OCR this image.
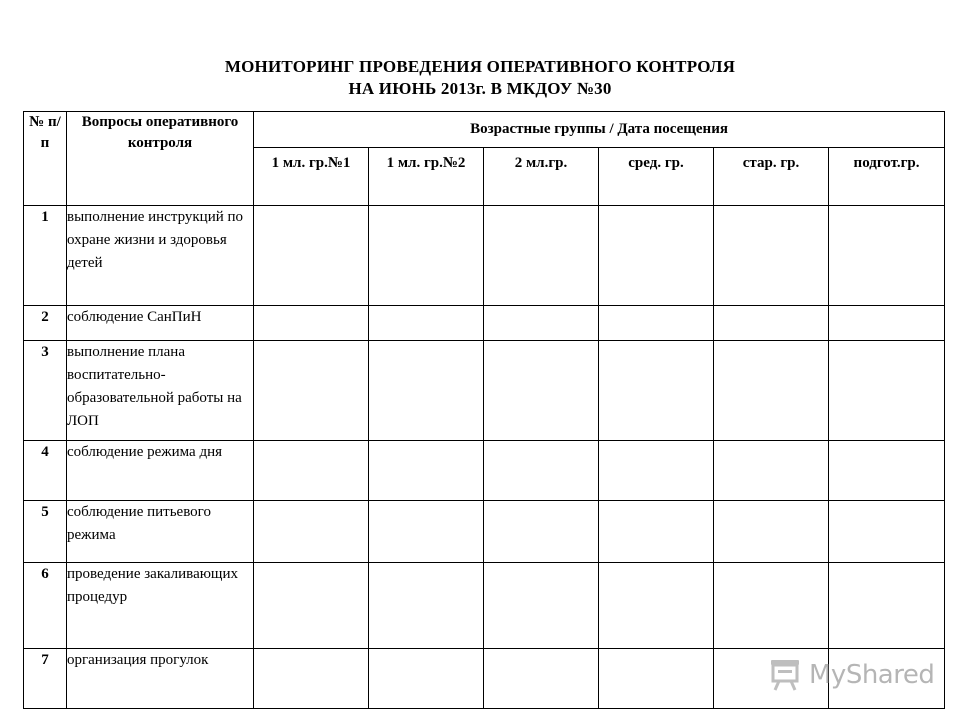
МОНИТОРИНГ ПРОВЕДЕНИЯ ОПЕРАТИВНОГО КОНТРОЛЯ
НА ИЮНЬ 2013г. В МКДОУ №30
№ п/ п	Вопросы оперативного контроля	Возрастные группы / Дата посещения					
		1 мл. гр.№1	1 мл. гр.№2	2 мл.гр.	сред. гр.	стар. гр.	подгот.гр.
1	выполнение инструкций по охране жизни и здоровья детей						
2	соблюдение СанПиН						
3	выполнение плана воспитательно-образовательной работы на ЛОП						
4	соблюдение режима дня						
5	соблюдение питьевого режима						
6	проведение закаливающих процедур						
7	организация прогулок							MyShared
